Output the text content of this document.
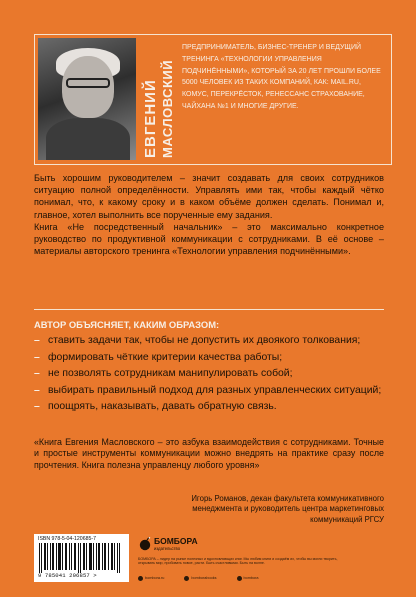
ЕВГЕНИЙ МАСЛОВСКИЙ

ПРЕДПРИНИМАТЕЛЬ, БИЗНЕС-ТРЕНЕР И ВЕДУЩИЙ ТРЕНИНГА «ТЕХНОЛОГИИ УПРАВЛЕНИЯ ПОДЧИНЁННЫМИ», КОТОРЫЙ ЗА 20 ЛЕТ ПРОШЛИ БОЛЕЕ 5000 ЧЕЛОВЕК ИЗ ТАКИХ КОМПАНИЙ, КАК: MAIL.RU, КОМУС, ПЕРЕКРЁСТОК, РЕНЕССАНС СТРАХОВАНИЕ, ЧАЙХАНА №1 И МНОГИЕ ДРУГИЕ.

Быть хорошим руководителем – значит создавать для своих сотрудников ситуацию полной определённости. Управлять ими так, чтобы каждый чётко понимал, что, к какому сроку и в каком объёме должен сделать. Понимал и, главное, хотел выполнить все порученные ему задания.

Книга «Не посредственный начальник» – это максимально конкретное руководство по продуктивной коммуникации с сотрудниками. В её основе – материалы авторского тренинга «Технологии управления подчинёнными».

АВТОР ОБЪЯСНЯЕТ, КАКИМ ОБРАЗОМ:

– ставить задачи так, чтобы не допустить их двоякого толкования;
– формировать чёткие критерии качества работы;
– не позволять сотрудникам манипулировать собой;
– выбирать правильный подход для разных управленческих ситуаций;
– поощрять, наказывать, давать обратную связь.

«Книга Евгения Масловского – это азбука взаимодействия с сотрудниками. Точные и простые инструменты коммуникации можно внедрять на практике сразу после прочтения. Книга полезна управленцу любого уровня»

Игорь Романов, декан факультета коммуникативного менеджмента и руководитель центра маркетинговых коммуникаций РГСУ

ISBN 978-5-04-120685-7
9 785041 206857 >

БОМБОРА

издательство

БОМБОРА – лидер на рынке полезных и вдохновляющих книг. Мы любим книги и создаём их, чтобы вы могли творить, открывать мир, пробовать новое, расти. Быть счастливыми. Быть на волне.

bombora.ru	bomborabooks	bombora
